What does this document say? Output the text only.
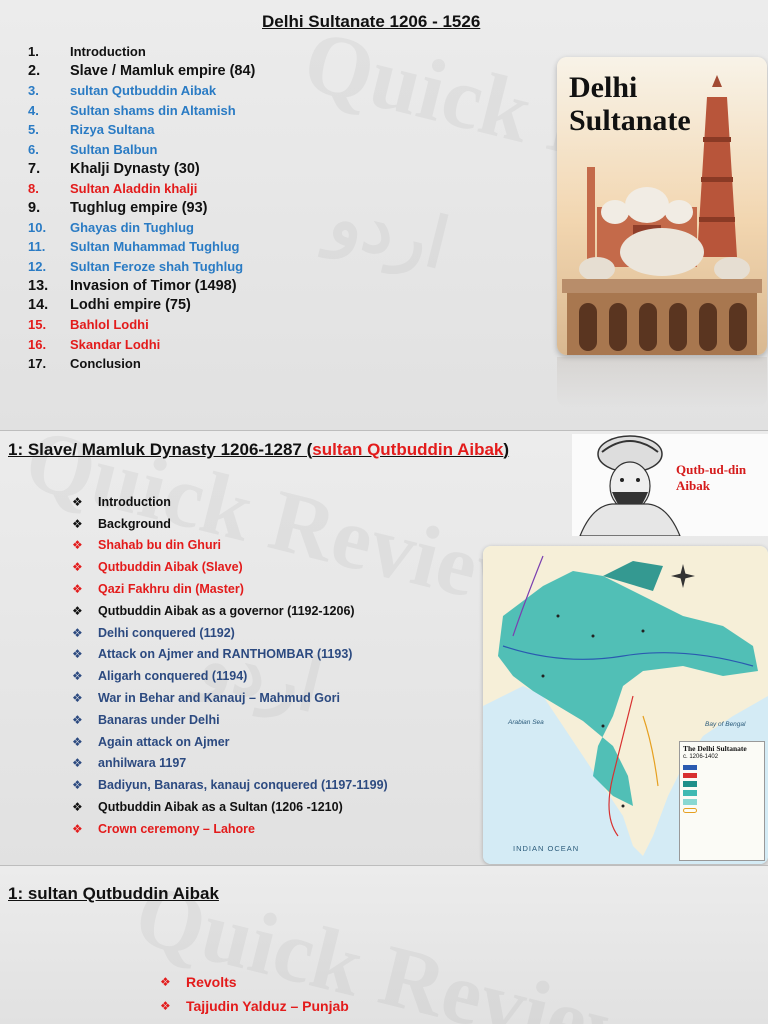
Delhi Sultanate 1206 - 1526
1.	Introduction
2.	Slave / Mamluk empire (84)
3.	sultan Qutbuddin Aibak
4.	Sultan shams din Altamish
5.	Rizya Sultana
6.	Sultan Balbun
7.	Khalji Dynasty (30)
8.	Sultan Aladdin khalji
9.	Tughlug empire (93)
10.	Ghayas din Tughlug
11.	Sultan Muhammad Tughlug
12.	Sultan Feroze shah Tughlug
13.	Invasion of Timor (1498)
14.	Lodhi empire (75)
15.	Bahlol Lodhi
16.	Skandar Lodhi
17.	Conclusion
Delhi
Sultanate
1: Slave/ Mamluk Dynasty 1206-1287 (sultan Qutbuddin Aibak)
❖	Introduction
❖	Background
❖	Shahab bu din Ghuri
❖	Qutbuddin Aibak (Slave)
❖	Qazi Fakhru din (Master)
❖	Qutbuddin Aibak as a governor (1192-1206)
❖	Delhi conquered (1192)
❖	Attack on Ajmer and RANTHOMBAR (1193)
❖	Aligarh conquered (1194)
❖	War in Behar and Kanauj – Mahmud Gori
❖	Banaras under Delhi
❖	Again attack on Ajmer
❖	anhilwara 1197
❖	Badiyun, Banaras, kanauj conquered (1197-1199)
❖	Qutbuddin Aibak as a Sultan (1206 -1210)
❖	Crown ceremony – Lahore
Qutb-ud-din
Aibak
Arabian Sea	Bay of Bengal
INDIAN OCEAN
The Delhi Sultanate
c. 1206-1402
1: sultan Qutbuddin Aibak
❖	Revolts
❖	Tajjudin Yalduz – Punjab
